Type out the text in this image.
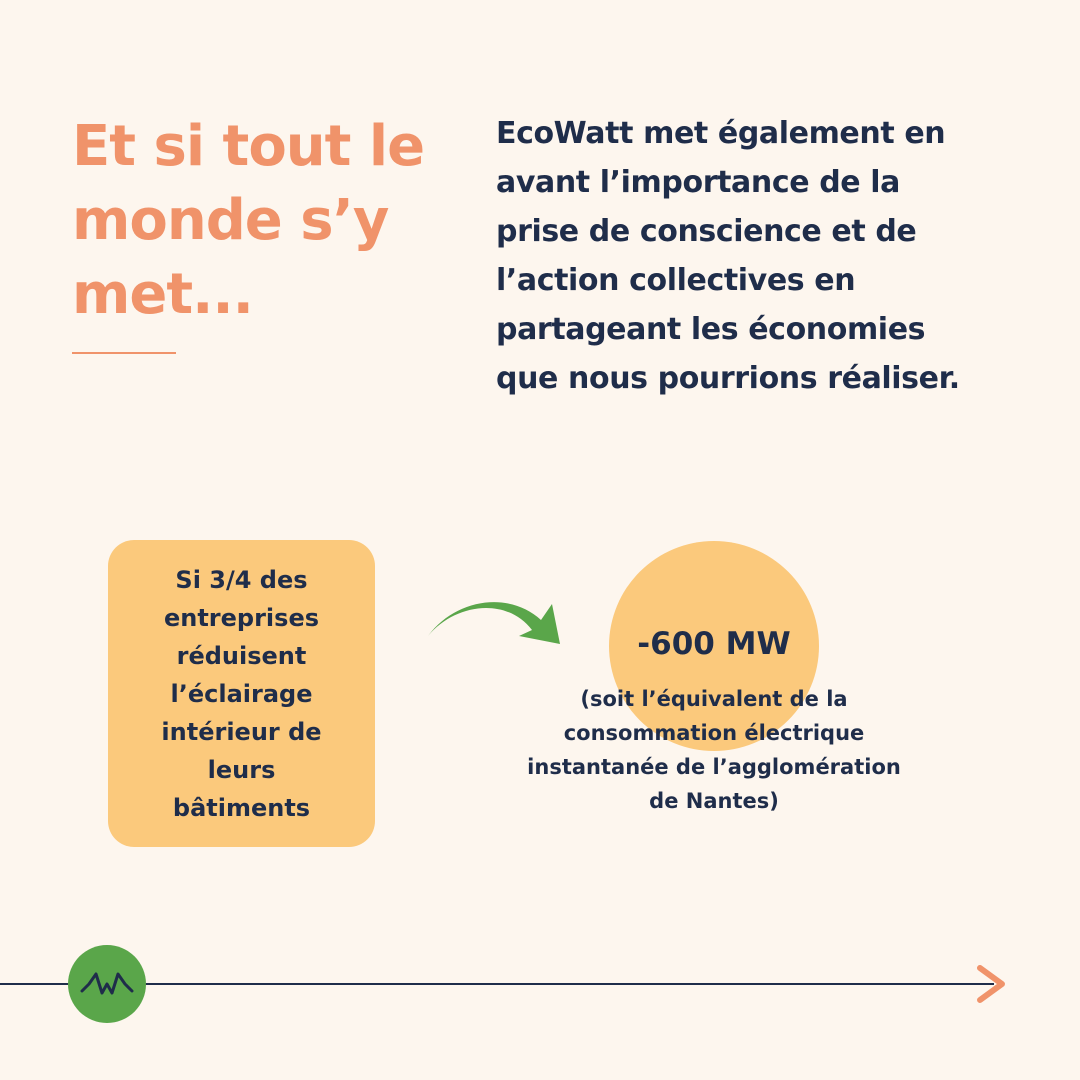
Et si tout le
monde s’y
met...

EcoWatt met également en
avant l’importance de la
prise de conscience et de
l’action collectives en
partageant les économies
que nous pourrions réaliser.

Si 3/4 des
entreprises
réduisent
l’éclairage
intérieur de
leurs
bâtiments

-600 MW

(soit l’équivalent de la
consommation électrique
instantanée de l’agglomération
de Nantes)
